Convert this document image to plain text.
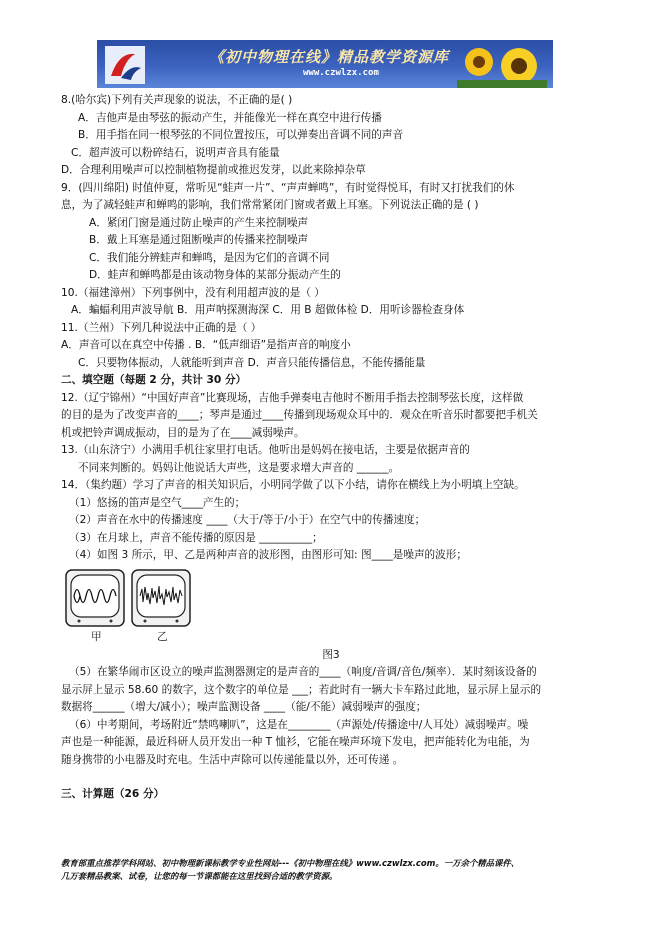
《初中物理在线》精品教学资源库
www.czwlzx.com

8.(哈尔宾)下列有关声现象的说法，不正确的是( )

A．吉他声是由琴弦的振动产生，并能像光一样在真空中进行传播

B．用手指在同一根琴弦的不同位置按压，可以弹奏出音调不同的声音

C．超声波可以粉碎结石，说明声音具有能量

D．合理利用噪声可以控制植物提前或推迟发芽，以此来除掉杂草

9．(四川绵阳) 时值仲夏，常听见“蛙声一片”、“声声蝉鸣”，有时觉得悦耳，有时又打扰我们的休

息，为了减轻蛙声和蝉鸣的影响，我们常常紧闭门窗或者戴上耳塞。下列说法正确的是 ( )

A．紧闭门窗是通过防止噪声的产生来控制噪声

B．戴上耳塞是通过阻断噪声的传播来控制噪声

C．我们能分辨蛙声和蝉鸣，是因为它们的音调不同

D．蛙声和蝉鸣都是由该动物身体的某部分振动产生的

10.（福建漳州）下列事例中，没有利用超声波的是（ ）

A．蝙蝠利用声波导航 B．用声呐探测海深 C．用 B 超做体检 D．用听诊器检查身体

11.（兰州）下列几种说法中正确的是（ ）

A．声音可以在真空中传播 . B．“低声细语”是指声音的响度小

C．只要物体振动，人就能听到声音 D．声音只能传播信息，不能传播能量

二、填空题（每题 2 分，共计 30 分）

12.（辽宁锦州）“中国好声音”比赛现场，吉他手弹奏电吉他时不断用手指去控制琴弦长度，这样做

的目的是为了改变声音的____；琴声是通过____传播到现场观众耳中的．观众在听音乐时都要把手机关

机或把铃声调成振动，目的是为了在____减弱噪声。

13.（山东济宁）小满用手机往家里打电话。他听出是妈妈在接电话，主要是依据声音的

不同来判断的。妈妈让他说话大声些，这是要求增大声音的 ______。

14．（集约题）学习了声音的相关知识后，小明同学做了以下小结，请你在横线上为小明填上空缺。

（1）悠扬的笛声是空气____产生的；

（2）声音在水中的传播速度 ____（大于/等于/小于）在空气中的传播速度；

（3）在月球上，声音不能传播的原因是 __________；

（4）如图 3 所示，甲、乙是两种声音的波形图，由图形可知: 图____是噪声的波形；

甲	乙

图3

（5）在繁华闹市区设立的噪声监测器测定的是声音的____（响度/音调/音色/频率）．某时刻该设备的

显示屏上显示 58.60 的数字，这个数字的单位是 ___；若此时有一辆大卡车路过此地，显示屏上显示的

数据将______（增大/减小）；噪声监测设备 ____（能/不能）减弱噪声的强度；

（6）中考期间，考场附近“禁鸣喇叭”，这是在________（声源处/传播途中/人耳处）减弱噪声。噪

声也是一种能源，最近科研人员开发出一种 T 恤衫，它能在噪声环境下发电，把声能转化为电能，为

随身携带的小电器及时充电。生活中声除可以传递能量以外，还可传递 。

三、计算题（26 分）

教育部重点推荐学科网站、初中物理新课标教学专业性网站---《初中物理在线》www.czwlzx.com。一万余个精品课件、

几万套精品教案、试卷，让您的每一节课都能在这里找到合适的教学资源。
